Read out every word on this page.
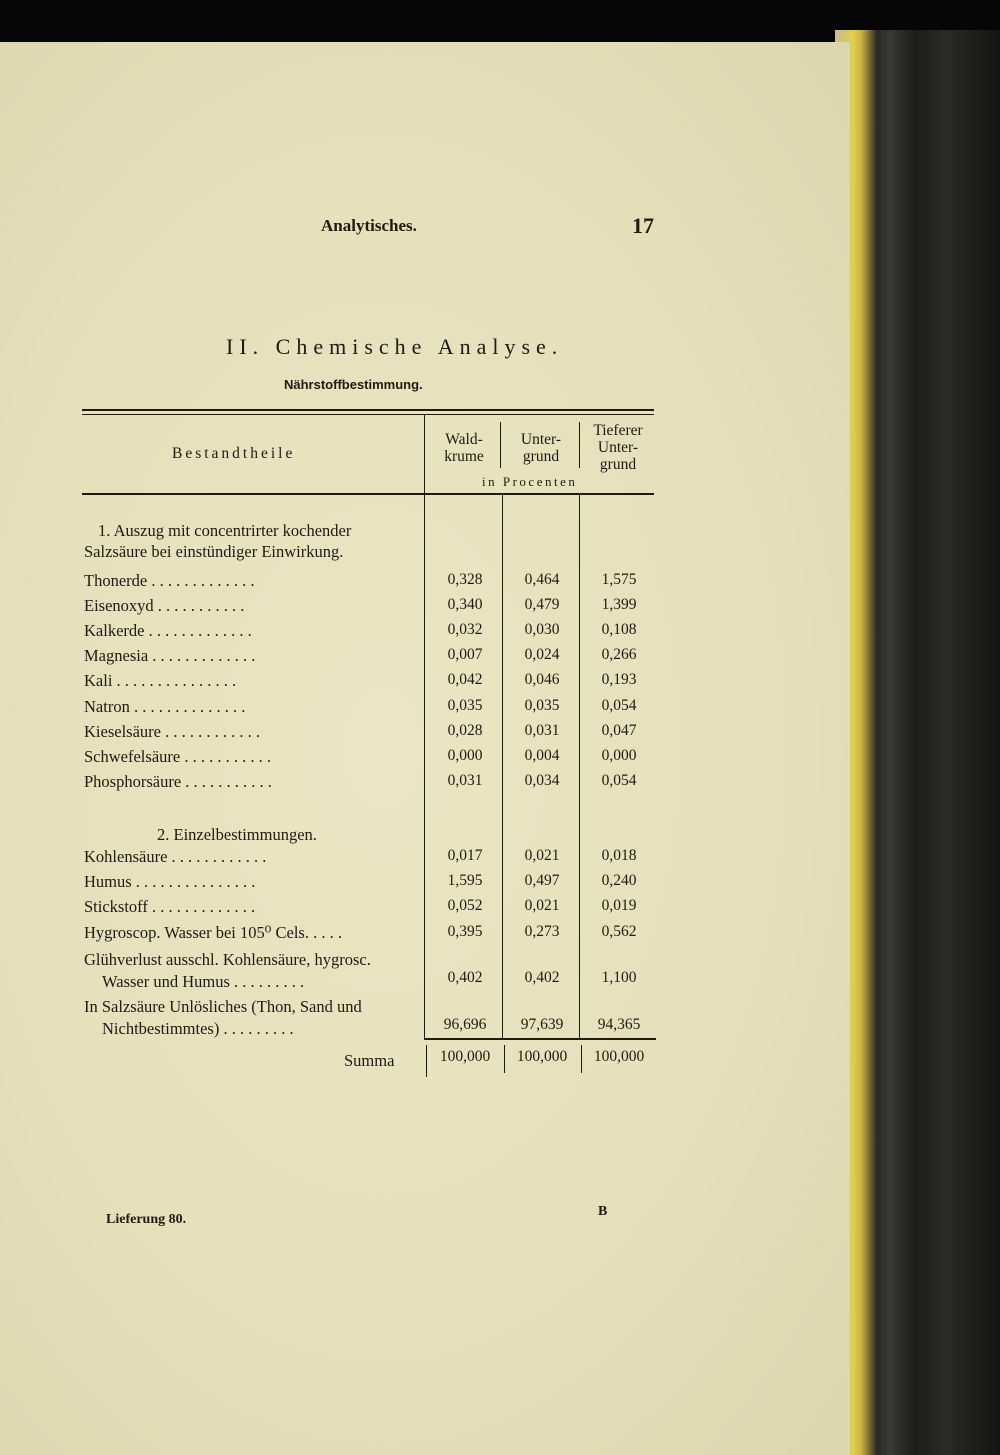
Analytisches.	17
II. Chemische Analyse.
Nährstoffbestimmung.
Bestandtheile
Wald-
krume
Unter-
grund
Tieferer
Unter-
grund
in Procenten
1. Auszug mit concentrirter kochender Salzsäure bei einstündiger Einwirkung.
Thonerde . . . . . . . . . . . . .	0,328	0,464	1,575
Eisenoxyd . . . . . . . . . . .	0,340	0,479	1,399
Kalkerde . . . . . . . . . . . . .	0,032	0,030	0,108
Magnesia . . . . . . . . . . . . .	0,007	0,024	0,266
Kali . . . . . . . . . . . . . . .	0,042	0,046	0,193
Natron . . . . . . . . . . . . . .	0,035	0,035	0,054
Kieselsäure . . . . . . . . . . . .	0,028	0,031	0,047
Schwefelsäure . . . . . . . . . . .	0,000	0,004	0,000
Phosphorsäure . . . . . . . . . . .	0,031	0,034	0,054
2. Einzelbestimmungen.
Kohlensäure . . . . . . . . . . . .	0,017	0,021	0,018
Humus . . . . . . . . . . . . . . .	1,595	0,497	0,240
Stickstoff . . . . . . . . . . . . .	0,052	0,021	0,019
Hygroscop. Wasser bei 105⁰ Cels. . . . .	0,395	0,273	0,562
Glühverlust ausschl. Kohlensäure, hygrosc.
Wasser und Humus . . . . . . . . .	0,402	0,402	1,100
In Salzsäure Unlösliches (Thon, Sand und
Nichtbestimmtes) . . . . . . . . .	96,696	97,639	94,365
Summa	100,000	100,000	100,000
Lieferung 80.
B
